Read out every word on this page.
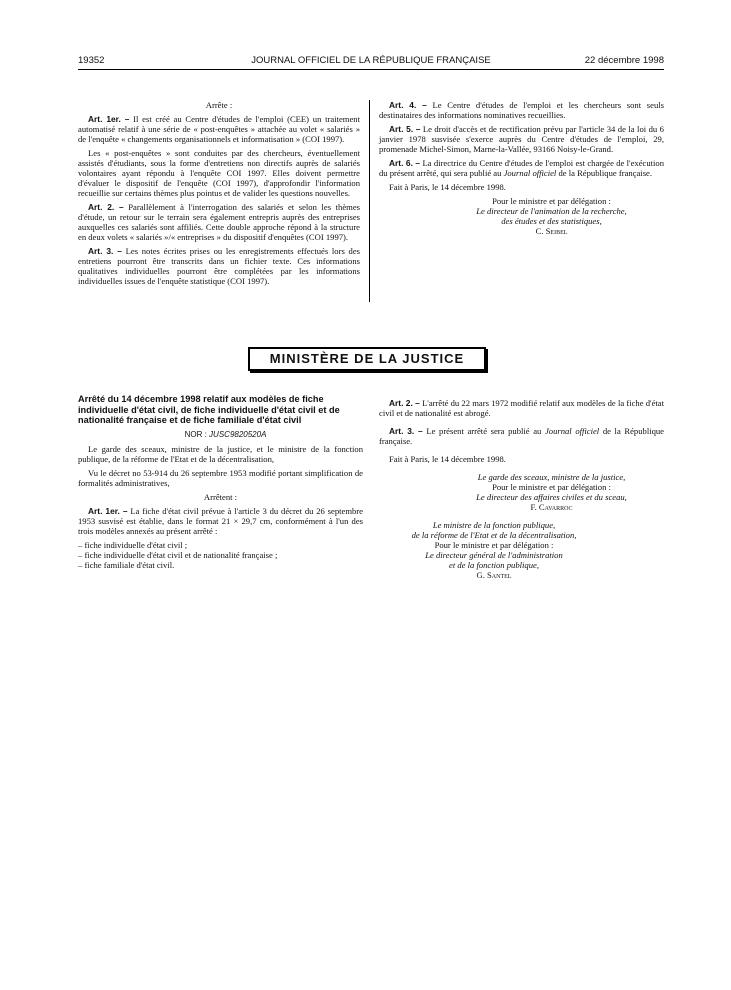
19352	JOURNAL OFFICIEL DE LA RÉPUBLIQUE FRANÇAISE	22 décembre 1998

Arrête :

Art. 1er. – Il est créé au Centre d'études de l'emploi (CEE) un traitement automatisé relatif à une série de « post-enquêtes » attachée au volet « salariés » de l'enquête « changements organisationnels et informatisation » (COI 1997).

Les « post-enquêtes » sont conduites par des chercheurs, éventuellement assistés d'étudiants, sous la forme d'entretiens non directifs auprès de salariés volontaires ayant répondu à l'enquête COI 1997. Elles doivent permettre d'évaluer le dispositif de l'enquête (COI 1997), d'approfondir l'information recueillie sur certains thèmes plus pointus et de valider les questions nouvelles.

Art. 2. – Parallèlement à l'interrogation des salariés et selon les thèmes d'étude, un retour sur le terrain sera également entrepris auprès des entreprises auxquelles ces salariés sont affiliés. Cette double approche répond à la structure en deux volets « salariés »/« entreprises » du dispositif d'enquêtes (COI 1997).

Art. 3. – Les notes écrites prises ou les enregistrements effectués lors des entretiens pourront être transcrits dans un fichier texte. Ces informations qualitatives individuelles pourront être complétées par les informations individuelles issues de l'enquête statistique (COI 1997).

Art. 4. – Le Centre d'études de l'emploi et les chercheurs sont seuls destinataires des informations nominatives recueillies.

Art. 5. – Le droit d'accès et de rectification prévu par l'article 34 de la loi du 6 janvier 1978 susvisée s'exerce auprès du Centre d'études de l'emploi, 29, promenade Michel-Simon, Marne-la-Vallée, 93166 Noisy-le-Grand.

Art. 6. – La directrice du Centre d'études de l'emploi est chargée de l'exécution du présent arrêté, qui sera publié au Journal officiel de la République française.

Fait à Paris, le 14 décembre 1998.

Pour le ministre et par délégation :

Le directeur de l'animation de la recherche,

des études et des statistiques,

C. Seibel

MINISTÈRE DE LA JUSTICE

Arrêté du 14 décembre 1998 relatif aux modèles de fiche individuelle d'état civil, de fiche individuelle d'état civil et de nationalité française et de fiche familiale d'état civil

NOR : JUSC9820520A

Le garde des sceaux, ministre de la justice, et le ministre de la fonction publique, de la réforme de l'Etat et de la décentralisation,

Vu le décret no 53-914 du 26 septembre 1953 modifié portant simplification de formalités administratives,

Arrêtent :

Art. 1er. – La fiche d'état civil prévue à l'article 3 du décret du 26 septembre 1953 susvisé est établie, dans le format 21 × 29,7 cm, conformément à l'un des trois modèles annexés au présent arrêté :

– fiche individuelle d'état civil ;
– fiche individuelle d'état civil et de nationalité française ;
– fiche familiale d'état civil.

Art. 2. – L'arrêté du 22 mars 1972 modifié relatif aux modèles de la fiche d'état civil et de nationalité est abrogé.

Art. 3. – Le présent arrêté sera publié au Journal officiel de la République française.

Fait à Paris, le 14 décembre 1998.

Le garde des sceaux, ministre de la justice,

Pour le ministre et par délégation :

Le directeur des affaires civiles et du sceau,

F. Cavarroc

Le ministre de la fonction publique,

de la réforme de l'Etat et de la décentralisation,

Pour le ministre et par délégation :

Le directeur général de l'administration

et de la fonction publique,

G. Santel
